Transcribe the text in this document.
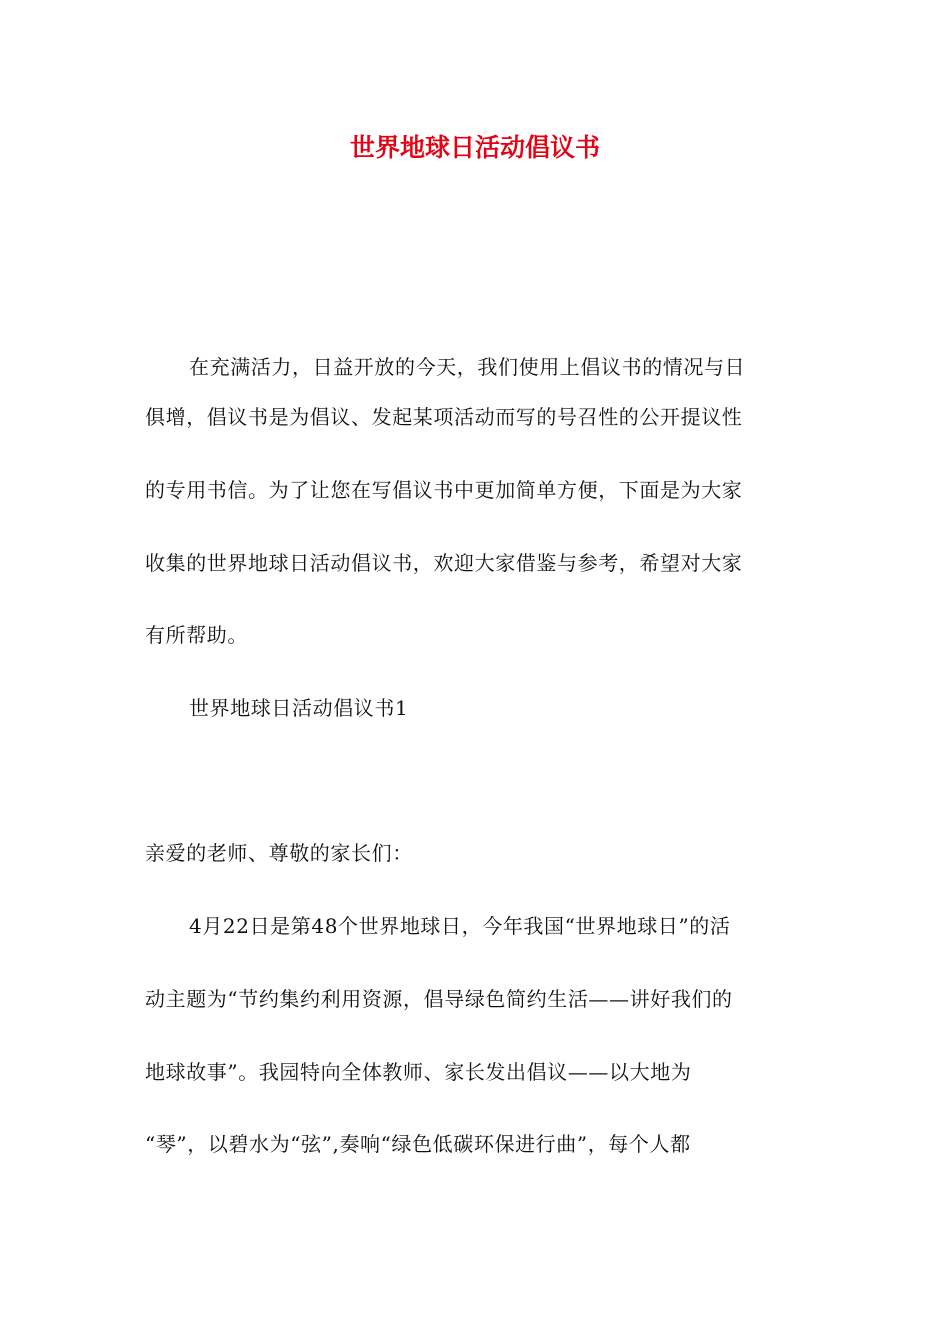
世界地球日活动倡议书
在充满活力，日益开放的今天，我们使用上倡议书的情况与日
俱增，倡议书是为倡议、发起某项活动而写的号召性的公开提议性
的专用书信。为了让您在写倡议书中更加简单方便，下面是为大家
收集的世界地球日活动倡议书，欢迎大家借鉴与参考，希望对大家
有所帮助。
世界地球日活动倡议书1
亲爱的老师、尊敬的家长们：
4月22日是第48个世界地球日，今年我国“世界地球日”的活
动主题为“节约集约利用资源，倡导绿色简约生活——讲好我们的
地球故事”。我园特向全体教师、家长发出倡议——以大地为
“琴”，以碧水为“弦”,奏响“绿色低碳环保进行曲”，每个人都
